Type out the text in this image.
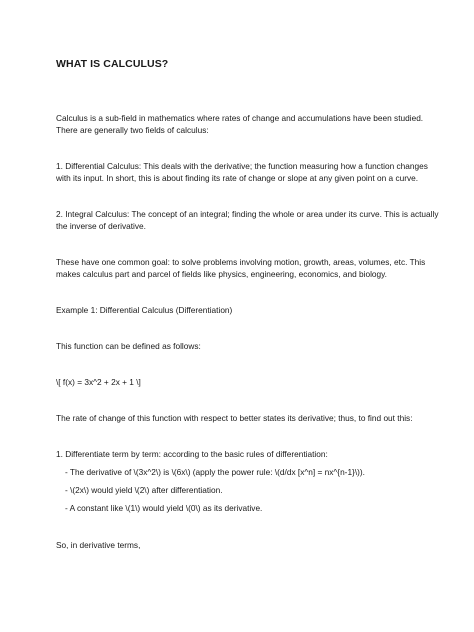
WHAT IS CALCULUS?
Calculus is a sub-field in mathematics where rates of change and accumulations have been studied.
There are generally two fields of calculus:
1. Differential Calculus: This deals with the derivative; the function measuring how a function changes
with its input. In short, this is about finding its rate of change or slope at any given point on a curve.
2. Integral Calculus: The concept of an integral; finding the whole or area under its curve. This is actually
the inverse of derivative.
These have one common goal: to solve problems involving motion, growth, areas, volumes, etc. This
makes calculus part and parcel of fields like physics, engineering, economics, and biology.
Example 1: Differential Calculus (Differentiation)
This function can be defined as follows:
\[ f(x) = 3x^2 + 2x + 1 \]
The rate of change of this function with respect to better states its derivative; thus, to find out this:
1. Differentiate term by term: according to the basic rules of differentiation:
- The derivative of \(3x^2\) is \(6x\) (apply the power rule: \(d/dx [x^n] = nx^{n-1}\)).
- \(2x\) would yield \(2\) after differentiation.
- A constant like \(1\) would yield \(0\) as its derivative.
So, in derivative terms,
